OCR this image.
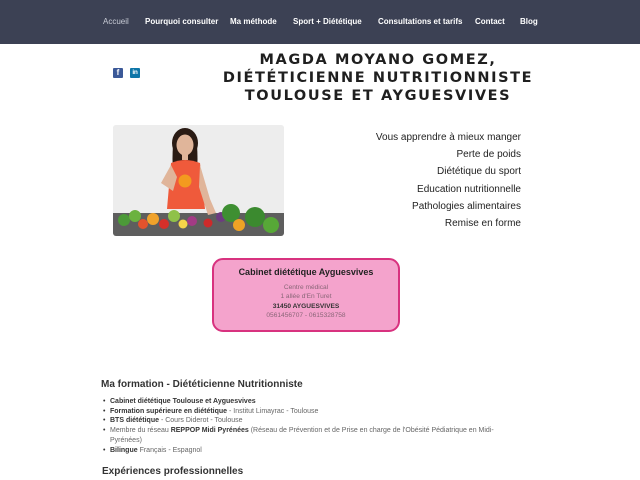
Accueil Pourquoi consulter Ma méthode Sport + Diététique Consultations et tarifs Contact Blog
f	in
MAGDA MOYANO GOMEZ,
DIÉTÉTICIENNE NUTRITIONNISTE
TOULOUSE ET AYGUESVIVES
Vous apprendre à mieux manger
Perte de poids
Diététique du sport
Education nutritionnelle
Pathologies alimentaires
Remise en forme
Cabinet diététique Ayguesvives
Centre médical
1 allée d'En Turet
31450 AYGUESVIVES
0561456707 - 0615328758
Ma formation - Diététicienne Nutritionniste
• Cabinet diététique Toulouse et Ayguesvives
• Formation supérieure en diététique - Institut Limayrac - Toulouse
• BTS diététique - Cours Diderot - Toulouse
• Membre du réseau REPPOP Midi Pyrénées (Réseau de Prévention et de Prise en charge de l'Obésité Pédiatrique en Midi-Pyrénées)
• Bilingue Français - Espagnol
Expériences professionnelles
